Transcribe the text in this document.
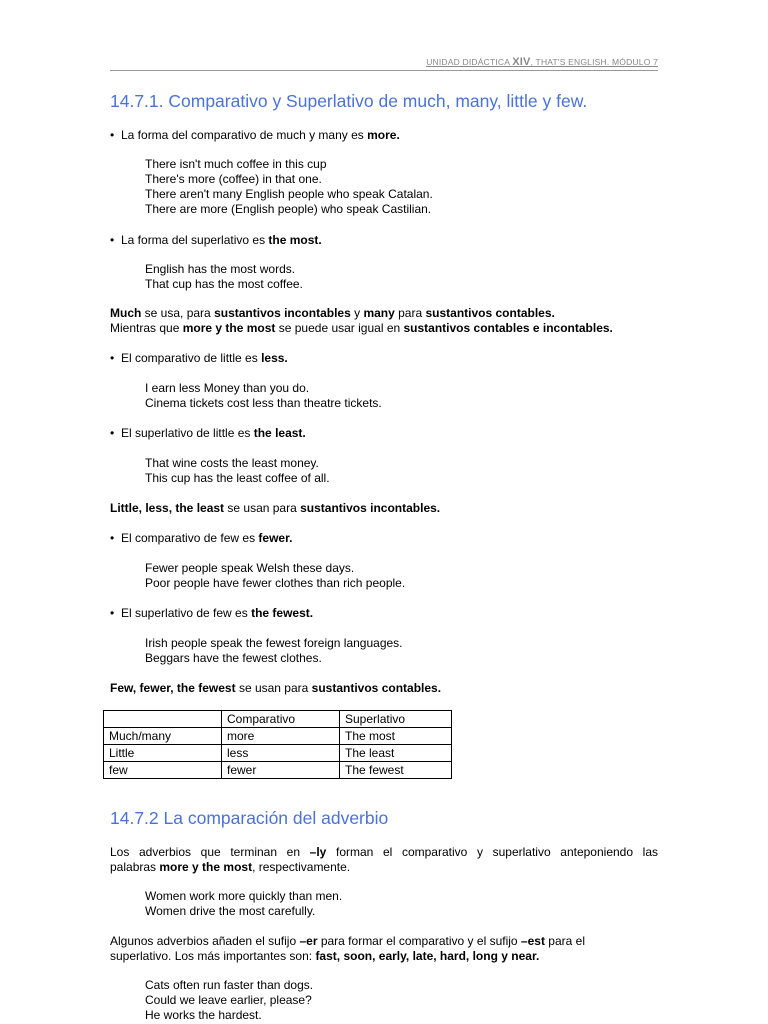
UNIDAD DIDÁCTICA XIV, THAT'S ENGLISH. MÓDULO 7
14.7.1. Comparativo y Superlativo de much, many, little y few.
• La forma del comparativo de much y many es more.
There isn't much coffee in this cup
There's more (coffee) in that one.
There aren't many English people who speak Catalan.
There are more (English people) who speak Castilian.
• La forma del superlativo es the most.
English has the most words.
That cup has the most coffee.
Much se usa, para sustantivos incontables y many para sustantivos contables.
Mientras que more y the most se puede usar igual en sustantivos contables e incontables.
• El comparativo de little es less.
I earn less Money than you do.
Cinema tickets cost less than theatre tickets.
• El superlativo de little es the least.
That wine costs the least money.
This cup has the least coffee of all.
Little, less, the least se usan para sustantivos incontables.
• El comparativo de few es fewer.
Fewer people speak Welsh these days.
Poor people have fewer clothes than rich people.
• El superlativo de few es the fewest.
Irish people speak the fewest foreign languages.
Beggars have the fewest clothes.
Few, fewer, the fewest se usan para sustantivos contables.
	Comparativo	Superlativo
Much/many	more	The most
Little	less	The least
few	fewer	The fewest
14.7.2 La comparación del adverbio
Los adverbios que terminan en –ly forman el comparativo y superlativo anteponiendo las
palabras more y the most, respectivamente.
Women work more quickly than men.
Women drive the most carefully.
Algunos adverbios añaden el sufijo –er para formar el comparativo y el sufijo –est para el
superlativo. Los más importantes son: fast, soon, early, late, hard, long y near.
Cats often run faster than dogs.
Could we leave earlier, please?
He works the hardest.
